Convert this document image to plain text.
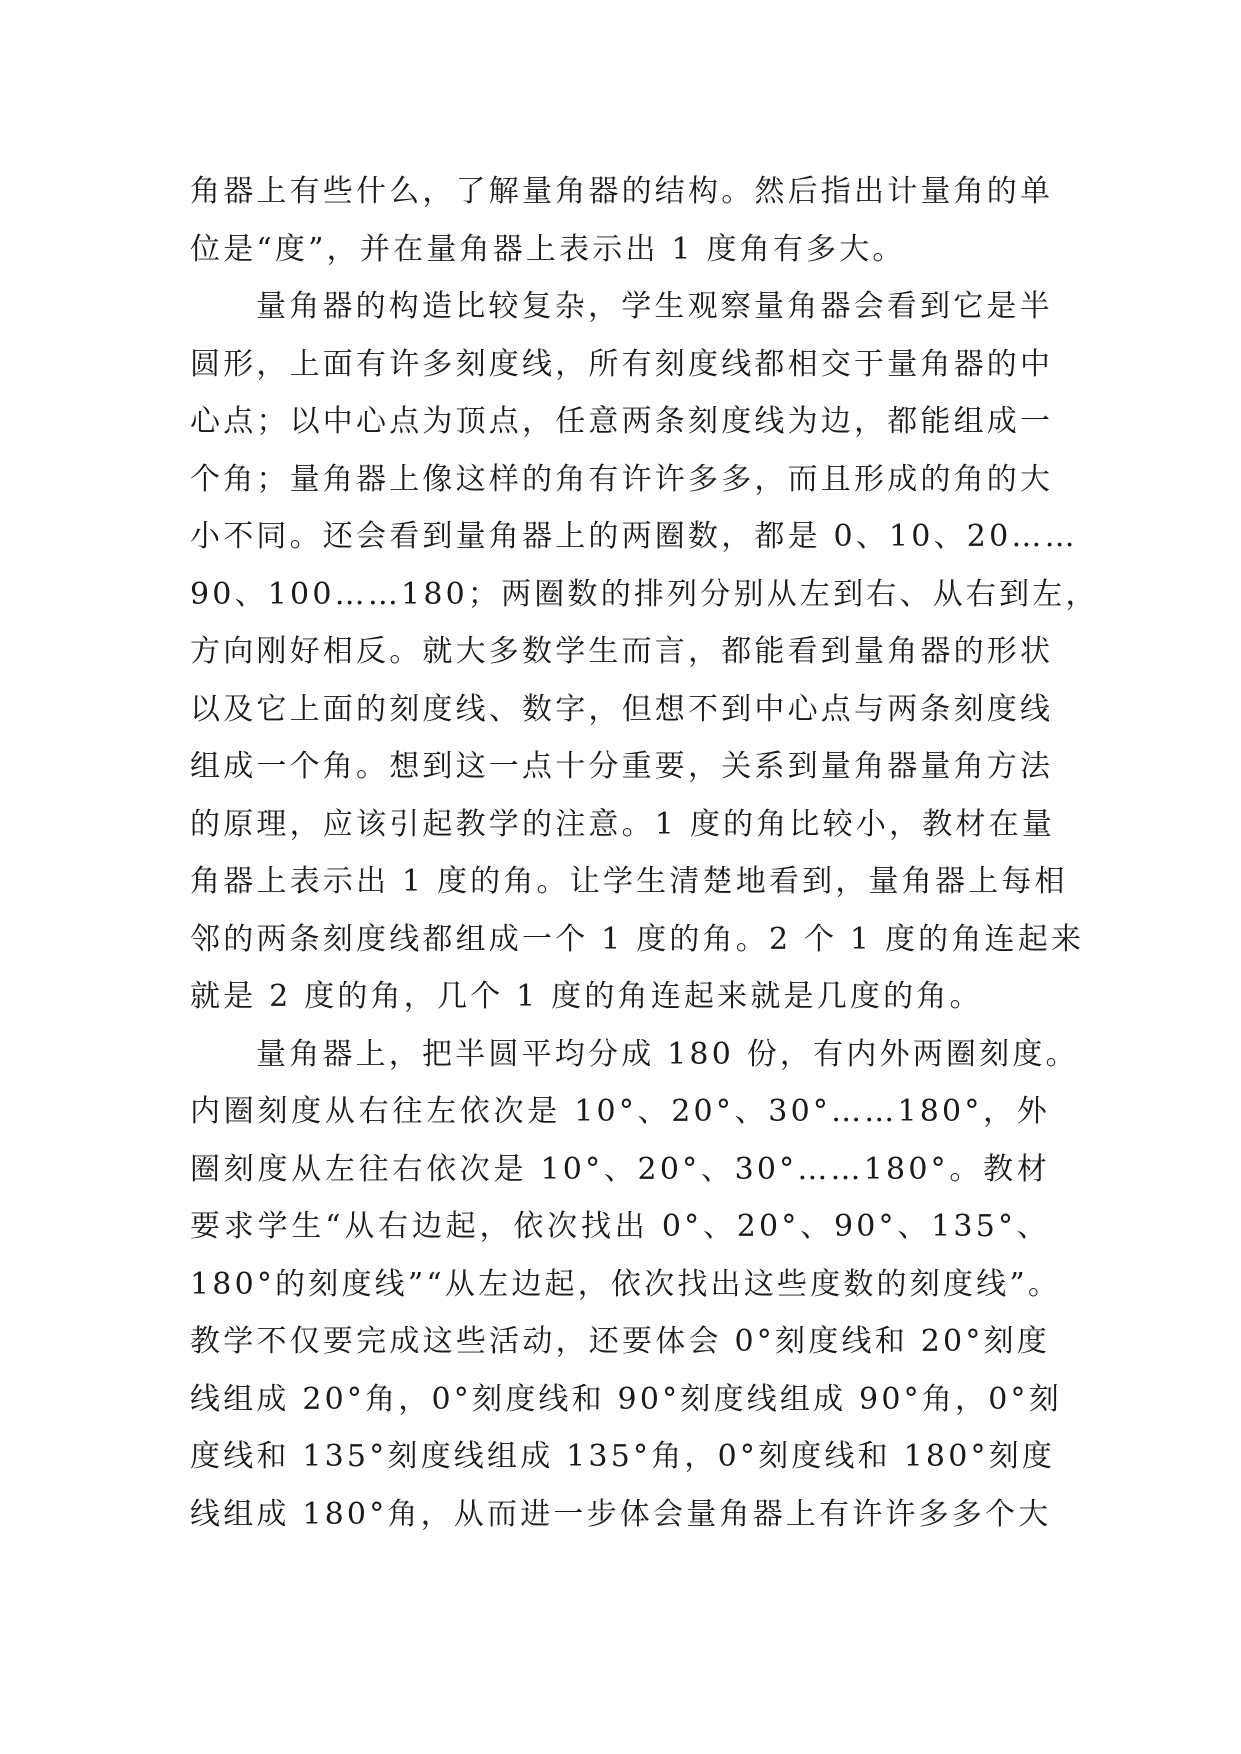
角器上有些什么，了解量角器的结构。然后指出计量角的单
位是“度”，并在量角器上表示出 1 度角有多大。
量角器的构造比较复杂，学生观察量角器会看到它是半
圆形，上面有许多刻度线，所有刻度线都相交于量角器的中
心点；以中心点为顶点，任意两条刻度线为边，都能组成一
个角；量角器上像这样的角有许许多多，而且形成的角的大
小不同。还会看到量角器上的两圈数，都是 0、10、20……
90、100……180；两圈数的排列分别从左到右、从右到左，
方向刚好相反。就大多数学生而言，都能看到量角器的形状
以及它上面的刻度线、数字，但想不到中心点与两条刻度线
组成一个角。想到这一点十分重要，关系到量角器量角方法
的原理，应该引起教学的注意。1 度的角比较小，教材在量
角器上表示出 1 度的角。让学生清楚地看到，量角器上每相
邻的两条刻度线都组成一个 1 度的角。2 个 1 度的角连起来
就是 2 度的角，几个 1 度的角连起来就是几度的角。
量角器上，把半圆平均分成 180 份，有内外两圈刻度。
内圈刻度从右往左依次是 10°、20°、30°……180°，外
圈刻度从左往右依次是 10°、20°、30°……180°。教材
要求学生“从右边起，依次找出 0°、20°、90°、135°、
180°的刻度线”“从左边起，依次找出这些度数的刻度线”。
教学不仅要完成这些活动，还要体会 0°刻度线和 20°刻度
线组成 20°角，0°刻度线和 90°刻度线组成 90°角，0°刻
度线和 135°刻度线组成 135°角，0°刻度线和 180°刻度
线组成 180°角，从而进一步体会量角器上有许许多多个大
